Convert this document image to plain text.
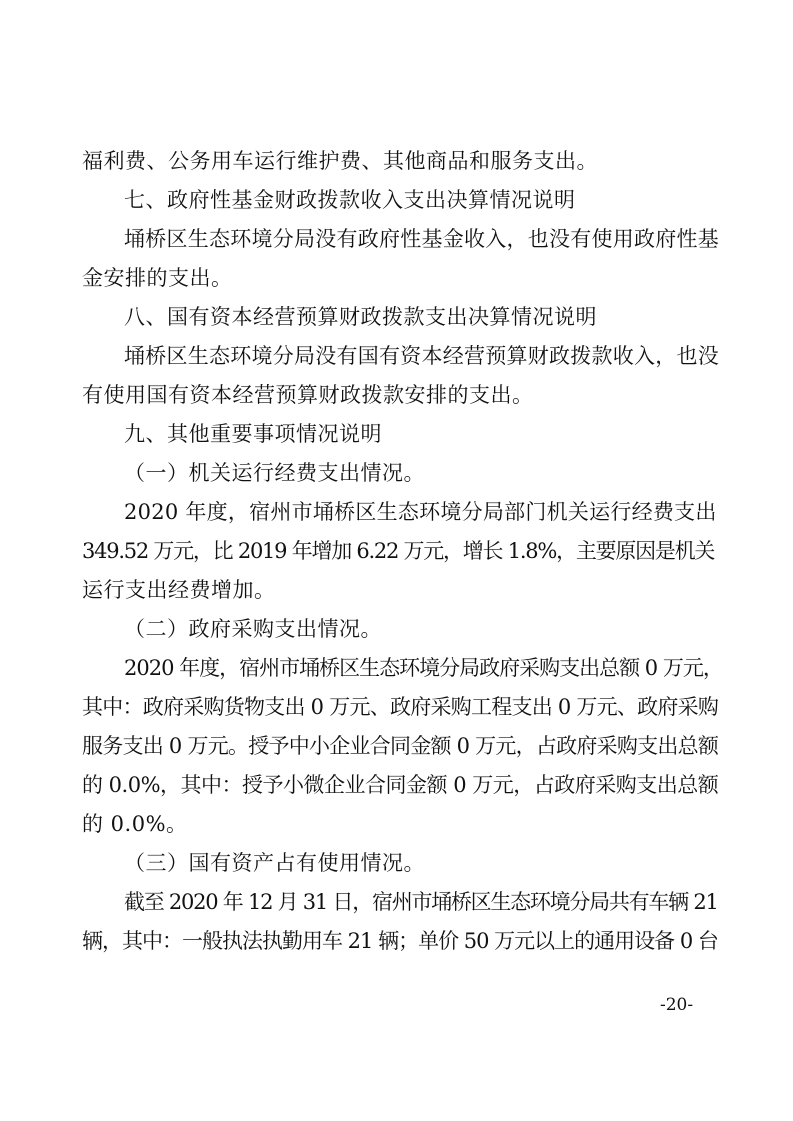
福利费、公务用车运行维护费、其他商品和服务支出。
七、政府性基金财政拨款收入支出决算情况说明
埇桥区生态环境分局没有政府性基金收入，也没有使用政府性基
金安排的支出。
八、国有资本经营预算财政拨款支出决算情况说明
埇桥区生态环境分局没有国有资本经营预算财政拨款收入，也没
有使用国有资本经营预算财政拨款安排的支出。
九、其他重要事项情况说明
（一）机关运行经费支出情况。
2020 年度，宿州市埇桥区生态环境分局部门机关运行经费支出
349.52 万元，比 2019 年增加 6.22 万元，增长 1.8%，主要原因是机关
运行支出经费增加。
（二）政府采购支出情况。
2020 年度，宿州市埇桥区生态环境分局政府采购支出总额 0 万元，
其中：政府采购货物支出 0 万元、政府采购工程支出 0 万元、政府采购
服务支出 0 万元。授予中小企业合同金额 0 万元，占政府采购支出总额
的 0.0%，其中：授予小微企业合同金额 0 万元，占政府采购支出总额
的 0.0%。
（三）国有资产占有使用情况。
截至 2020 年 12 月 31 日，宿州市埇桥区生态环境分局共有车辆 21
辆，其中：一般执法执勤用车 21 辆；单价 50 万元以上的通用设备 0 台
-20-
